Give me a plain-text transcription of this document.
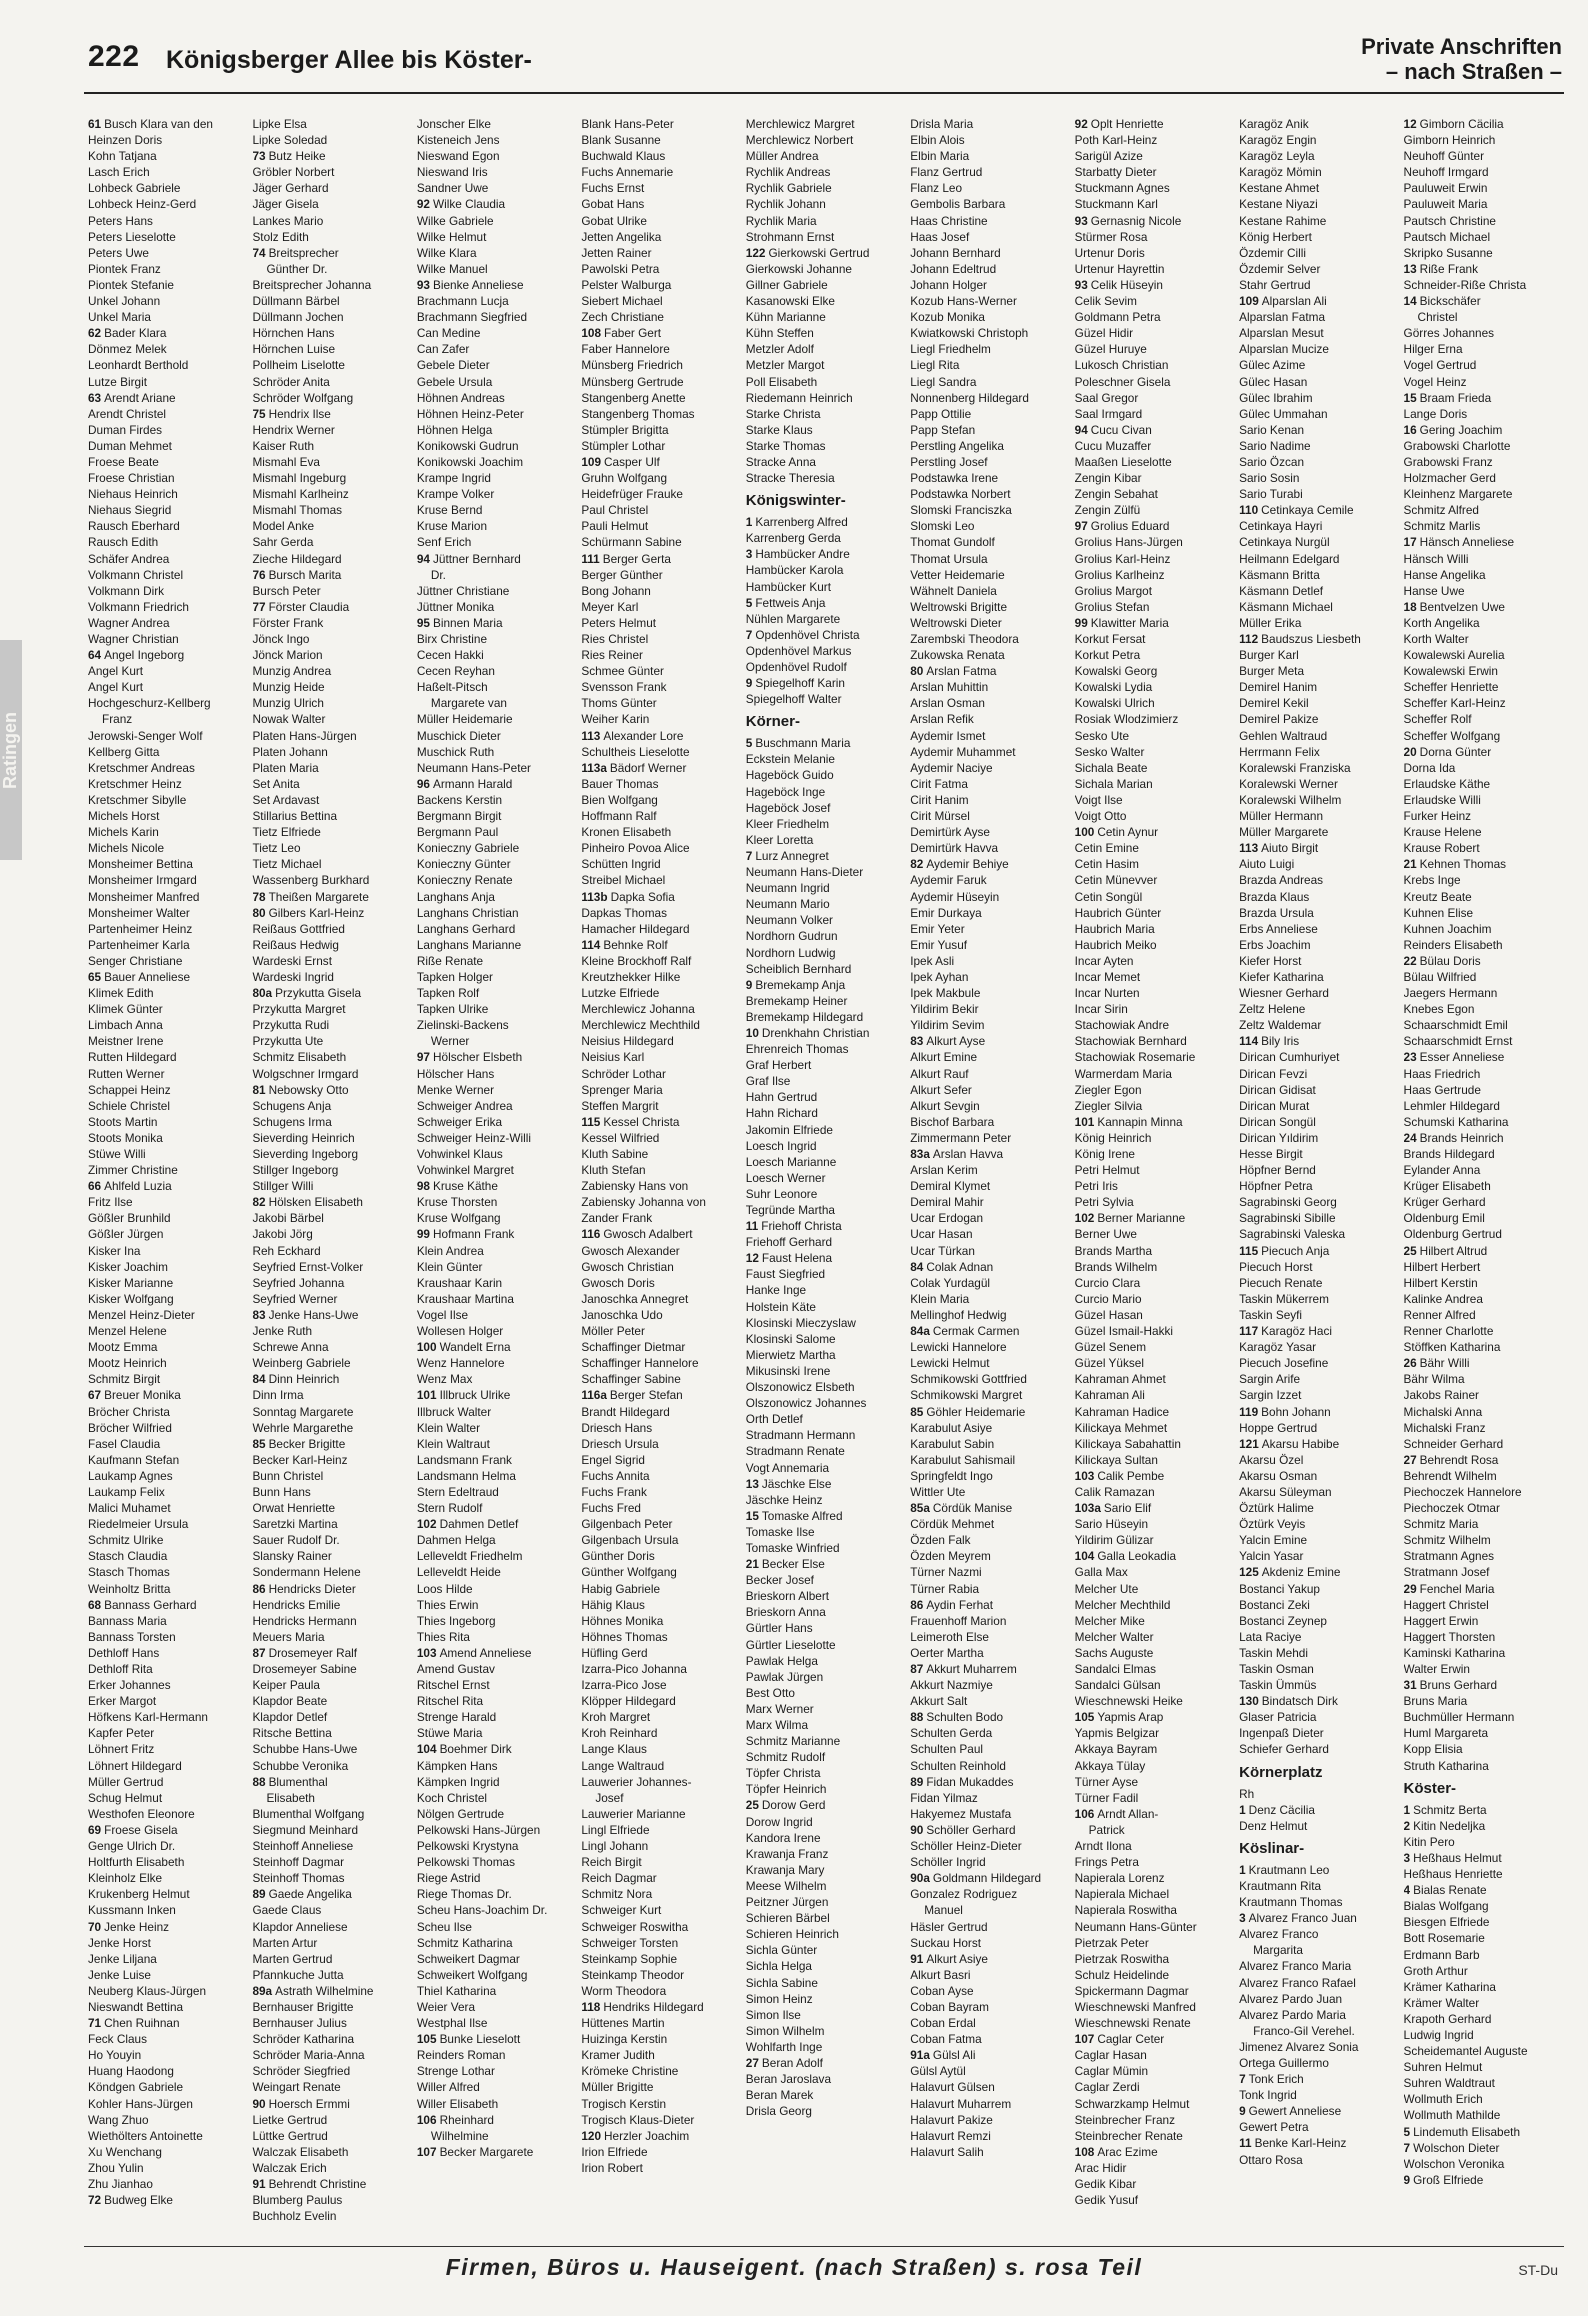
222 Königsberger Allee bis Köster-	Private Anschriften
– nach Straßen –
Ratingen
61 Busch Klara van den
Heinzen Doris
Kohn Tatjana
Lasch Erich
Lohbeck Gabriele
Lohbeck Heinz-Gerd
Peters Hans
Peters Lieselotte
Peters Uwe
Piontek Franz
Piontek Stefanie
Unkel Johann
Unkel Maria
62 Bader Klara
Dönmez Melek
Leonhardt Berthold
Lutze Birgit
63 Arendt Ariane
Arendt Christel
Duman Firdes
Duman Mehmet
Froese Beate
Froese Christian
Niehaus Heinrich
Niehaus Siegrid
Rausch Eberhard
Rausch Edith
Schäfer Andrea
Volkmann Christel
Volkmann Dirk
Volkmann Friedrich
Wagner Andrea
Wagner Christian
64 Angel Ingeborg
Angel Kurt
Angel Kurt
Hochgeschurz-Kellberg
Franz
Jerowski-Senger Wolf
Kellberg Gitta
Kretschmer Andreas
Kretschmer Heinz
Kretschmer Sibylle
Michels Horst
Michels Karin
Michels Nicole
Monsheimer Bettina
Monsheimer Irmgard
Monsheimer Manfred
Monsheimer Walter
Partenheimer Heinz
Partenheimer Karla
Senger Christiane
65 Bauer Anneliese
Klimek Edith
Klimek Günter
Limbach Anna
Meistner Irene
Rutten Hildegard
Rutten Werner
Schappei Heinz
Schiele Christel
Stoots Martin
Stoots Monika
Stüwe Willi
Zimmer Christine
66 Ahlfeld Luzia
Fritz Ilse
Gößler Brunhild
Gößler Jürgen
Kisker Ina
Kisker Joachim
Kisker Marianne
Kisker Wolfgang
Menzel Heinz-Dieter
Menzel Helene
Mootz Emma
Mootz Heinrich
Schmitz Birgit
67 Breuer Monika
Bröcher Christa
Bröcher Wilfried
Fasel Claudia
Kaufmann Stefan
Laukamp Agnes
Laukamp Felix
Malici Muhamet
Riedelmeier Ursula
Schmitz Ulrike
Stasch Claudia
Stasch Thomas
Weinholtz Britta
68 Bannass Gerhard
Bannass Maria
Bannass Torsten
Dethloff Hans
Dethloff Rita
Erker Johannes
Erker Margot
Höfkens Karl-Hermann
Kapfer Peter
Löhnert Fritz
Löhnert Hildegard
Müller Gertrud
Schug Helmut
Westhofen Eleonore
69 Froese Gisela
Genge Ulrich Dr.
Holtfurth Elisabeth
Kleinholz Elke
Krukenberg Helmut
Kussmann Inken
70 Jenke Heinz
Jenke Horst
Jenke Liljana
Jenke Luise
Neuberg Klaus-Jürgen
Nieswandt Bettina
71 Chen Ruihnan
Feck Claus
Ho Youyin
Huang Haodong
Köndgen Gabriele
Kohler Hans-Jürgen
Wang Zhuo
Wiethölters Antoinette
Xu Wenchang
Zhou Yulin
Zhu Jianhao
72 Budweg Elke
Lipke Elsa
Lipke Soledad
73 Butz Heike
Gröbler Norbert
Jäger Gerhard
Jäger Gisela
Lankes Mario
Stolz Edith
74 Breitsprecher
Günther Dr.
Breitsprecher Johanna
Düllmann Bärbel
Düllmann Jochen
Hörnchen Hans
Hörnchen Luise
Pollheim Liselotte
Schröder Anita
Schröder Wolfgang
75 Hendrix Ilse
Hendrix Werner
Kaiser Ruth
Mismahl Eva
Mismahl Ingeburg
Mismahl Karlheinz
Mismahl Thomas
Model Anke
Sahr Gerda
Zieche Hildegard
76 Bursch Marita
Bursch Peter
77 Förster Claudia
Förster Frank
Jönck Ingo
Jönck Marion
Munzig Andrea
Munzig Heide
Munzig Ulrich
Nowak Walter
Platen Hans-Jürgen
Platen Johann
Platen Maria
Set Anita
Set Ardavast
Stillarius Bettina
Tietz Elfriede
Tietz Leo
Tietz Michael
Wassenberg Burkhard
78 Theißen Margarete
80 Gilbers Karl-Heinz
Reißaus Gottfried
Reißaus Hedwig
Wardeski Ernst
Wardeski Ingrid
80a Przykutta Gisela
Przykutta Margret
Przykutta Rudi
Przykutta Ute
Schmitz Elisabeth
Wolgschner Irmgard
81 Nebowsky Otto
Schugens Anja
Schugens Irma
Sieverding Heinrich
Sieverding Ingeborg
Stillger Ingeborg
Stillger Willi
82 Hölsken Elisabeth
Jakobi Bärbel
Jakobi Jörg
Reh Eckhard
Seyfried Ernst-Volker
Seyfried Johanna
Seyfried Werner
83 Jenke Hans-Uwe
Jenke Ruth
Schrewe Anna
Weinberg Gabriele
84 Dinn Heinrich
Dinn Irma
Sonntag Margarete
Wehrle Margarethe
85 Becker Brigitte
Becker Karl-Heinz
Bunn Christel
Bunn Hans
Orwat Henriette
Saretzki Martina
Sauer Rudolf Dr.
Slansky Rainer
Sondermann Helene
86 Hendricks Dieter
Hendricks Emilie
Hendricks Hermann
Meuers Maria
87 Drosemeyer Ralf
Drosemeyer Sabine
Keiper Paula
Klapdor Beate
Klapdor Detlef
Ritsche Bettina
Schubbe Hans-Uwe
Schubbe Veronika
88 Blumenthal
Elisabeth
Blumenthal Wolfgang
Siegmund Meinhard
Steinhoff Anneliese
Steinhoff Dagmar
Steinhoff Thomas
89 Gaede Angelika
Gaede Claus
Klapdor Anneliese
Marten Artur
Marten Gertrud
Pfannkuche Jutta
89a Astrath Wilhelmine
Bernhauser Brigitte
Bernhauser Julius
Schröder Katharina
Schröder Maria-Anna
Schröder Siegfried
Weingart Renate
90 Hoersch Ermmi
Lietke Gertrud
Lüttke Gertrud
Walczak Elisabeth
Walczak Erich
91 Behrendt Christine
Blumberg Paulus
Buchholz Evelin
Jonscher Elke
Kisteneich Jens
Nieswand Egon
Nieswand Iris
Sandner Uwe
92 Wilke Claudia
Wilke Gabriele
Wilke Helmut
Wilke Klara
Wilke Manuel
93 Bienke Anneliese
Brachmann Lucja
Brachmann Siegfried
Can Medine
Can Zafer
Gebele Dieter
Gebele Ursula
Höhnen Andreas
Höhnen Heinz-Peter
Höhnen Helga
Konikowski Gudrun
Konikowski Joachim
Krampe Ingrid
Krampe Volker
Kruse Bernd
Kruse Marion
Senf Erich
94 Jüttner Bernhard
Dr.
Jüttner Christiane
Jüttner Monika
95 Binnen Maria
Birx Christine
Cecen Hakki
Cecen Reyhan
Haßelt-Pitsch
Margarete van
Müller Heidemarie
Muschick Dieter
Muschick Ruth
Neumann Hans-Peter
96 Armann Harald
Backens Kerstin
Bergmann Birgit
Bergmann Paul
Konieczny Gabriele
Konieczny Günter
Konieczny Renate
Langhans Anja
Langhans Christian
Langhans Gerhard
Langhans Marianne
Riße Renate
Tapken Holger
Tapken Rolf
Tapken Ulrike
Zielinski-Backens
Werner
97 Hölscher Elsbeth
Hölscher Hans
Menke Werner
Schweiger Andrea
Schweiger Erika
Schweiger Heinz-Willi
Vohwinkel Klaus
Vohwinkel Margret
98 Kruse Käthe
Kruse Thorsten
Kruse Wolfgang
99 Hofmann Frank
Klein Andrea
Klein Günter
Kraushaar Karin
Kraushaar Martina
Vogel Ilse
Wollesen Holger
100 Wandelt Erna
Wenz Hannelore
Wenz Max
101 Illbruck Ulrike
Illbruck Walter
Klein Walter
Klein Waltraut
Landsmann Frank
Landsmann Helma
Stern Edeltraud
Stern Rudolf
102 Dahmen Detlef
Dahmen Helga
Lelleveldt Friedhelm
Lelleveldt Heide
Loos Hilde
Thies Erwin
Thies Ingeborg
Thies Rita
103 Amend Anneliese
Amend Gustav
Ritschel Ernst
Ritschel Rita
Strenge Harald
Stüwe Maria
104 Boehmer Dirk
Kämpken Hans
Kämpken Ingrid
Koch Christel
Nölgen Gertrude
Pelkowski Hans-Jürgen
Pelkowski Krystyna
Pelkowski Thomas
Riege Astrid
Riege Thomas Dr.
Scheu Hans-Joachim Dr.
Scheu Ilse
Schmitz Katharina
Schweikert Dagmar
Schweikert Wolfgang
Thiel Katharina
Weier Vera
Westphal Ilse
105 Bunke Lieselott
Reinders Roman
Strenge Lothar
Willer Alfred
Willer Elisabeth
106 Rheinhard
Wilhelmine
107 Becker Margarete
Blank Hans-Peter
Blank Susanne
Buchwald Klaus
Fuchs Annemarie
Fuchs Ernst
Gobat Hans
Gobat Ulrike
Jetten Angelika
Jetten Rainer
Pawolski Petra
Pelster Walburga
Siebert Michael
Zech Christiane
108 Faber Gert
Faber Hannelore
Münsberg Friedrich
Münsberg Gertrude
Stangenberg Anette
Stangenberg Thomas
Stümpler Brigitta
Stümpler Lothar
109 Casper Ulf
Gruhn Wolfgang
Heidefrüger Frauke
Paul Christel
Pauli Helmut
Schürmann Sabine
111 Berger Gerta
Berger Günther
Bong Johann
Meyer Karl
Peters Helmut
Ries Christel
Ries Reiner
Schmee Günter
Svensson Frank
Thoms Günter
Weiher Karin
113 Alexander Lore
Schultheis Lieselotte
113a Bädorf Werner
Bauer Thomas
Bien Wolfgang
Hoffmann Ralf
Kronen Elisabeth
Pinheiro Povoa Alice
Schütten Ingrid
Streibel Michael
113b Dapka Sofia
Dapkas Thomas
Hamacher Hildegard
114 Behnke Rolf
Kleine Brockhoff Ralf
Kreutzhekker Hilke
Lutzke Elfriede
Merchlewicz Johanna
Merchlewicz Mechthild
Neisius Hildegard
Neisius Karl
Schröder Lothar
Sprenger Maria
Steffen Margrit
115 Kessel Christa
Kessel Wilfried
Kluth Sabine
Kluth Stefan
Zabiensky Hans von
Zabiensky Johanna von
Zander Frank
116 Gwosch Adalbert
Gwosch Alexander
Gwosch Christian
Gwosch Doris
Janoschka Annegret
Janoschka Udo
Möller Peter
Schaffinger Dietmar
Schaffinger Hannelore
Schaffinger Sabine
116a Berger Stefan
Brandt Hildegard
Driesch Hans
Driesch Ursula
Engel Sigrid
Fuchs Annita
Fuchs Frank
Fuchs Fred
Gilgenbach Peter
Gilgenbach Ursula
Günther Doris
Günther Wolfgang
Habig Gabriele
Hähig Klaus
Höhnes Monika
Höhnes Thomas
Hüfling Gerd
Izarra-Pico Johanna
Izarra-Pico Jose
Klöpper Hildegard
Kroh Margret
Kroh Reinhard
Lange Klaus
Lange Waltraud
Lauwerier Johannes-
Josef
Lauwerier Marianne
Lingl Elfriede
Lingl Johann
Reich Birgit
Reich Dagmar
Schmitz Nora
Schweiger Kurt
Schweiger Roswitha
Schweiger Torsten
Steinkamp Sophie
Steinkamp Theodor
Worm Theodora
118 Hendriks Hildegard
Hüttenes Martin
Huizinga Kerstin
Kramer Judith
Krömeke Christine
Müller Brigitte
Trogisch Kerstin
Trogisch Klaus-Dieter
120 Herzler Joachim
Irion Elfriede
Irion Robert
Merchlewicz Margret
Merchlewicz Norbert
Müller Andrea
Rychlik Andreas
Rychlik Gabriele
Rychlik Johann
Rychlik Maria
Strohmann Ernst
122 Gierkowski Gertrud
Gierkowski Johanne
Gillner Gabriele
Kasanowski Elke
Kühn Marianne
Kühn Steffen
Metzler Adolf
Metzler Margot
Poll Elisabeth
Riedemann Heinrich
Starke Christa
Starke Klaus
Starke Thomas
Stracke Anna
Stracke Theresia
Königswinter-
1 Karrenberg Alfred
Karrenberg Gerda
3 Hambücker Andre
Hambücker Karola
Hambücker Kurt
5 Fettweis Anja
Nühlen Margarete
7 Opdenhövel Christa
Opdenhövel Markus
Opdenhövel Rudolf
9 Spiegelhoff Karin
Spiegelhoff Walter
Körner-
5 Buschmann Maria
Eckstein Melanie
Hageböck Guido
Hageböck Inge
Hageböck Josef
Kleer Friedhelm
Kleer Loretta
7 Lurz Annegret
Neumann Hans-Dieter
Neumann Ingrid
Neumann Mario
Neumann Volker
Nordhorn Gudrun
Nordhorn Ludwig
Scheiblich Bernhard
9 Bremekamp Anja
Bremekamp Heiner
Bremekamp Hildegard
10 Drenkhahn Christian
Ehrenreich Thomas
Graf Herbert
Graf Ilse
Hahn Gertrud
Hahn Richard
Jakomin Elfriede
Loesch Ingrid
Loesch Marianne
Loesch Werner
Suhr Leonore
Tegründe Martha
11 Friehoff Christa
Friehoff Gerhard
12 Faust Helena
Faust Siegfried
Hanke Inge
Holstein Käte
Klosinski Mieczyslaw
Klosinski Salome
Mierwietz Martha
Mikusinski Irene
Olszonowicz Elsbeth
Olszonowicz Johannes
Orth Detlef
Stradmann Hermann
Stradmann Renate
Vogt Annemaria
13 Jäschke Else
Jäschke Heinz
15 Tomaske Alfred
Tomaske Ilse
Tomaske Winfried
21 Becker Else
Becker Josef
Brieskorn Albert
Brieskorn Anna
Gürtler Hans
Gürtler Lieselotte
Pawlak Helga
Pawlak Jürgen
Best Otto
Marx Werner
Marx Wilma
Schmitz Marianne
Schmitz Rudolf
Töpfer Christa
Töpfer Heinrich
25 Dorow Gerd
Dorow Ingrid
Kandora Irene
Krawanja Franz
Krawanja Mary
Meese Wilhelm
Peitzner Jürgen
Schieren Bärbel
Schieren Heinrich
Sichla Günter
Sichla Helga
Sichla Sabine
Simon Heinz
Simon Ilse
Simon Wilhelm
Wohlfarth Inge
27 Beran Adolf
Beran Jaroslava
Beran Marek
Drisla Georg
Drisla Maria
Elbin Alois
Elbin Maria
Flanz Gertrud
Flanz Leo
Gembolis Barbara
Haas Christine
Haas Josef
Johann Bernhard
Johann Edeltrud
Johann Holger
Kozub Hans-Werner
Kozub Monika
Kwiatkowski Christoph
Liegl Friedhelm
Liegl Rita
Liegl Sandra
Nonnenberg Hildegard
Papp Ottilie
Papp Stefan
Perstling Angelika
Perstling Josef
Podstawka Irene
Podstawka Norbert
Slomski Franciszka
Slomski Leo
Thomat Gundolf
Thomat Ursula
Vetter Heidemarie
Wähnelt Daniela
Weltrowski Brigitte
Weltrowski Dieter
Zarembski Theodora
Zukowska Renata
80 Arslan Fatma
Arslan Muhittin
Arslan Osman
Arslan Refik
Aydemir Ismet
Aydemir Muhammet
Aydemir Naciye
Cirit Fatma
Cirit Hanim
Cirit Mürsel
Demirtürk Ayse
Demirtürk Havva
82 Aydemir Behiye
Aydemir Faruk
Aydemir Hüseyin
Emir Durkaya
Emir Yeter
Emir Yusuf
Ipek Asli
Ipek Ayhan
Ipek Makbule
Yildirim Bekir
Yildirim Sevim
83 Alkurt Ayse
Alkurt Emine
Alkurt Rauf
Alkurt Sefer
Alkurt Sevgin
Bischof Barbara
Zimmermann Peter
83a Arslan Havva
Arslan Kerim
Demiral Klymet
Demiral Mahir
Ucar Erdogan
Ucar Hasan
Ucar Türkan
84 Colak Adnan
Colak Yurdagül
Klein Maria
Mellinghof Hedwig
84a Cermak Carmen
Lewicki Hannelore
Lewicki Helmut
Schmikowski Gottfried
Schmikowski Margret
85 Göhler Heidemarie
Karabulut Asiye
Karabulut Sabin
Karabulut Sahismail
Springfeldt Ingo
Wittler Ute
85a Cördük Manise
Cördük Mehmet
Özden Falk
Özden Meyrem
Türner Nazmi
Türner Rabia
86 Aydin Ferhat
Frauenhoff Marion
Leimeroth Else
Oerter Martha
87 Akkurt Muharrem
Akkurt Nazmiye
Akkurt Salt
88 Schulten Bodo
Schulten Gerda
Schulten Paul
Schulten Reinhold
89 Fidan Mukaddes
Fidan Yilmaz
Hakyemez Mustafa
90 Schöller Gerhard
Schöller Heinz-Dieter
Schöller Ingrid
90a Goldmann Hildegard
Gonzalez Rodriguez
Manuel
Häsler Gertrud
Suckau Horst
91 Alkurt Asiye
Alkurt Basri
Coban Ayse
Coban Bayram
Coban Erdal
Coban Fatma
91a Gülsl Ali
Gülsl Aytül
Halavurt Gülsen
Halavurt Muharrem
Halavurt Pakize
Halavurt Remzi
Halavurt Salih
92 Oplt Henriette
Poth Karl-Heinz
Sarigül Azize
Starbatty Dieter
Stuckmann Agnes
Stuckmann Karl
93 Gernasnig Nicole
Stürmer Rosa
Urtenur Doris
Urtenur Hayrettin
93 Celik Hüseyin
Celik Sevim
Goldmann Petra
Güzel Hidir
Güzel Huruye
Lukosch Christian
Poleschner Gisela
Saal Gregor
Saal Irmgard
94 Cucu Civan
Cucu Muzaffer
Maaßen Lieselotte
Zengin Kibar
Zengin Sebahat
Zengin Zülfü
97 Grolius Eduard
Grolius Hans-Jürgen
Grolius Karl-Heinz
Grolius Karlheinz
Grolius Margot
Grolius Stefan
99 Klawitter Maria
Korkut Fersat
Korkut Petra
Kowalski Georg
Kowalski Lydia
Kowalski Ulrich
Rosiak Wlodzimierz
Sesko Ute
Sesko Walter
Sichala Beate
Sichala Marian
Voigt Ilse
Voigt Otto
100 Cetin Aynur
Cetin Emine
Cetin Hasim
Cetin Münevver
Cetin Songül
Haubrich Günter
Haubrich Maria
Haubrich Meiko
Incar Ayten
Incar Memet
Incar Nurten
Incar Sirin
Stachowiak Andre
Stachowiak Bernhard
Stachowiak Rosemarie
Warmerdam Maria
Ziegler Egon
Ziegler Silvia
101 Kannapin Minna
König Heinrich
König Irene
Petri Helmut
Petri Iris
Petri Sylvia
102 Berner Marianne
Berner Uwe
Brands Martha
Brands Wilhelm
Curcio Clara
Curcio Mario
Güzel Hasan
Güzel Ismail-Hakki
Güzel Senem
Güzel Yüksel
Kahraman Ahmet
Kahraman Ali
Kahraman Hadice
Kilickaya Mehmet
Kilickaya Sabahattin
Kilickaya Sultan
103 Calik Pembe
Calik Ramazan
103a Sario Elif
Sario Hüseyin
Yildirim Gülizar
104 Galla Leokadia
Galla Max
Melcher Ute
Melcher Mechthild
Melcher Mike
Melcher Walter
Sachs Auguste
Sandalci Elmas
Sandalci Gülsan
Wieschnewski Heike
105 Yapmis Arap
Yapmis Belgizar
Akkaya Bayram
Akkaya Tülay
Türner Ayse
Türner Fadil
106 Arndt Allan-
Patrick
Arndt Ilona
Frings Petra
Napierala Lorenz
Napierala Michael
Napierala Roswitha
Neumann Hans-Günter
Pietrzak Peter
Pietrzak Roswitha
Schulz Heidelinde
Spickermann Dagmar
Wieschnewski Manfred
Wieschnewski Renate
107 Caglar Ceter
Caglar Hasan
Caglar Mümin
Caglar Zerdi
Schwarzkamp Helmut
Steinbrecher Franz
Steinbrecher Renate
108 Arac Ezime
Arac Hidir
Gedik Kibar
Gedik Yusuf
Karagöz Anik
Karagöz Engin
Karagöz Leyla
Karagöz Mömin
Kestane Ahmet
Kestane Niyazi
Kestane Rahime
König Herbert
Özdemir Cilli
Özdemir Selver
Stahr Gertrud
109 Alparslan Ali
Alparslan Fatma
Alparslan Mesut
Alparslan Mucize
Gülec Azime
Gülec Hasan
Gülec Ibrahim
Gülec Ummahan
Sario Kenan
Sario Nadime
Sario Özcan
Sario Sosin
Sario Turabi
110 Cetinkaya Cemile
Cetinkaya Hayri
Cetinkaya Nurgül
Heilmann Edelgard
Käsmann Britta
Käsmann Detlef
Käsmann Michael
Müller Erika
112 Baudszus Liesbeth
Burger Karl
Burger Meta
Demirel Hanim
Demirel Kekil
Demirel Pakize
Gehlen Waltraud
Herrmann Felix
Koralewski Franziska
Koralewski Werner
Koralewski Wilhelm
Müller Hermann
Müller Margarete
113 Aiuto Birgit
Aiuto Luigi
Brazda Andreas
Brazda Klaus
Brazda Ursula
Erbs Anneliese
Erbs Joachim
Kiefer Horst
Kiefer Katharina
Wiesner Gerhard
Zeltz Helene
Zeltz Waldemar
114 Bily Iris
Dirican Cumhuriyet
Dirican Fevzi
Dirican Gidisat
Dirican Murat
Dirican Songül
Dirican Yıldirim
Hesse Birgit
Höpfner Bernd
Höpfner Petra
Sagrabinski Georg
Sagrabinski Sibille
Sagrabinski Valeska
115 Piecuch Anja
Piecuch Horst
Piecuch Renate
Taskin Mükerrem
Taskin Seyfi
117 Karagöz Haci
Karagöz Yasar
Piecuch Josefine
Sargin Arife
Sargin Izzet
119 Bohn Johann
Hoppe Gertrud
121 Akarsu Habibe
Akarsu Özel
Akarsu Osman
Akarsu Süleyman
Öztürk Halime
Öztürk Veyis
Yalcin Emine
Yalcin Yasar
125 Akdeniz Emine
Bostanci Yakup
Bostanci Zeki
Bostanci Zeynep
Lata Raciye
Taskin Mehdi
Taskin Osman
Taskin Ümmüs
130 Bindatsch Dirk
Glaser Patricia
Ingenpaß Dieter
Schiefer Gerhard
Körnerplatz
Rh
1 Denz Cäcilia
Denz Helmut
Köslinar-
1 Krautmann Leo
Krautmann Rita
Krautmann Thomas
3 Alvarez Franco Juan
Alvarez Franco
Margarita
Alvarez Franco Maria
Alvarez Franco Rafael
Alvarez Pardo Juan
Alvarez Pardo Maria
Franco-Gil Verehel.
Jimenez Alvarez Sonia
Ortega Guillermo
7 Tonk Erich
Tonk Ingrid
9 Gewert Anneliese
Gewert Petra
11 Benke Karl-Heinz
Ottaro Rosa
12 Gimborn Cäcilia
Gimborn Heinrich
Neuhoff Günter
Neuhoff Irmgard
Pauluweit Erwin
Pauluweit Maria
Pautsch Christine
Pautsch Michael
Skripko Susanne
13 Riße Frank
Schneider-Riße Christa
14 Bickschäfer
Christel
Görres Johannes
Hilger Erna
Vogel Gertrud
Vogel Heinz
15 Braam Frieda
Lange Doris
16 Gering Joachim
Grabowski Charlotte
Grabowski Franz
Holzmacher Gerd
Kleinhenz Margarete
Schmitz Alfred
Schmitz Marlis
17 Hänsch Anneliese
Hänsch Willi
Hanse Angelika
Hanse Uwe
18 Bentvelzen Uwe
Korth Angelika
Korth Walter
Kowalewski Aurelia
Kowalewski Erwin
Scheffer Henriette
Scheffer Karl-Heinz
Scheffer Rolf
Scheffer Wolfgang
20 Dorna Günter
Dorna Ida
Erlaudske Käthe
Erlaudske Willi
Furker Heinz
Krause Helene
Krause Robert
21 Kehnen Thomas
Krebs Inge
Kreutz Beate
Kuhnen Elise
Kuhnen Joachim
Reinders Elisabeth
22 Bülau Doris
Bülau Wilfried
Jaegers Hermann
Knebes Egon
Schaarschmidt Emil
Schaarschmidt Ernst
23 Esser Anneliese
Haas Friedrich
Haas Gertrude
Lehmler Hildegard
Schumski Katharina
24 Brands Heinrich
Brands Hildegard
Eylander Anna
Krüger Elisabeth
Krüger Gerhard
Oldenburg Emil
Oldenburg Gertrud
25 Hilbert Altrud
Hilbert Herbert
Hilbert Kerstin
Kalinke Andrea
Renner Alfred
Renner Charlotte
Stöffken Katharina
26 Bähr Willi
Bähr Wilma
Jakobs Rainer
Michalski Anna
Michalski Franz
Schneider Gerhard
27 Behrendt Rosa
Behrendt Wilhelm
Piechoczek Hannelore
Piechoczek Otmar
Schmitz Maria
Schmitz Wilhelm
Stratmann Agnes
Stratmann Josef
29 Fenchel Maria
Haggert Christel
Haggert Erwin
Haggert Thorsten
Kaminski Katharina
Walter Erwin
31 Bruns Gerhard
Bruns Maria
Buchmüller Hermann
Huml Margareta
Kopp Elisia
Struth Katharina
Köster-
1 Schmitz Berta
2 Kitin Nedeljka
Kitin Pero
3 Heßhaus Helmut
Heßhaus Henriette
4 Bialas Renate
Bialas Wolfgang
Biesgen Elfriede
Bott Rosemarie
Erdmann Barb
Groth Arthur
Krämer Katharina
Krämer Walter
Krapoth Gerhard
Ludwig Ingrid
Scheidemantel Auguste
Suhren Helmut
Suhren Waldtraut
Wollmuth Erich
Wollmuth Mathilde
5 Lindemuth Elisabeth
7 Wolschon Dieter
Wolschon Veronika
9 Groß Elfriede
Firmen, Büros u. Hauseigent. (nach Straßen) s. rosa Teil	ST-Du
